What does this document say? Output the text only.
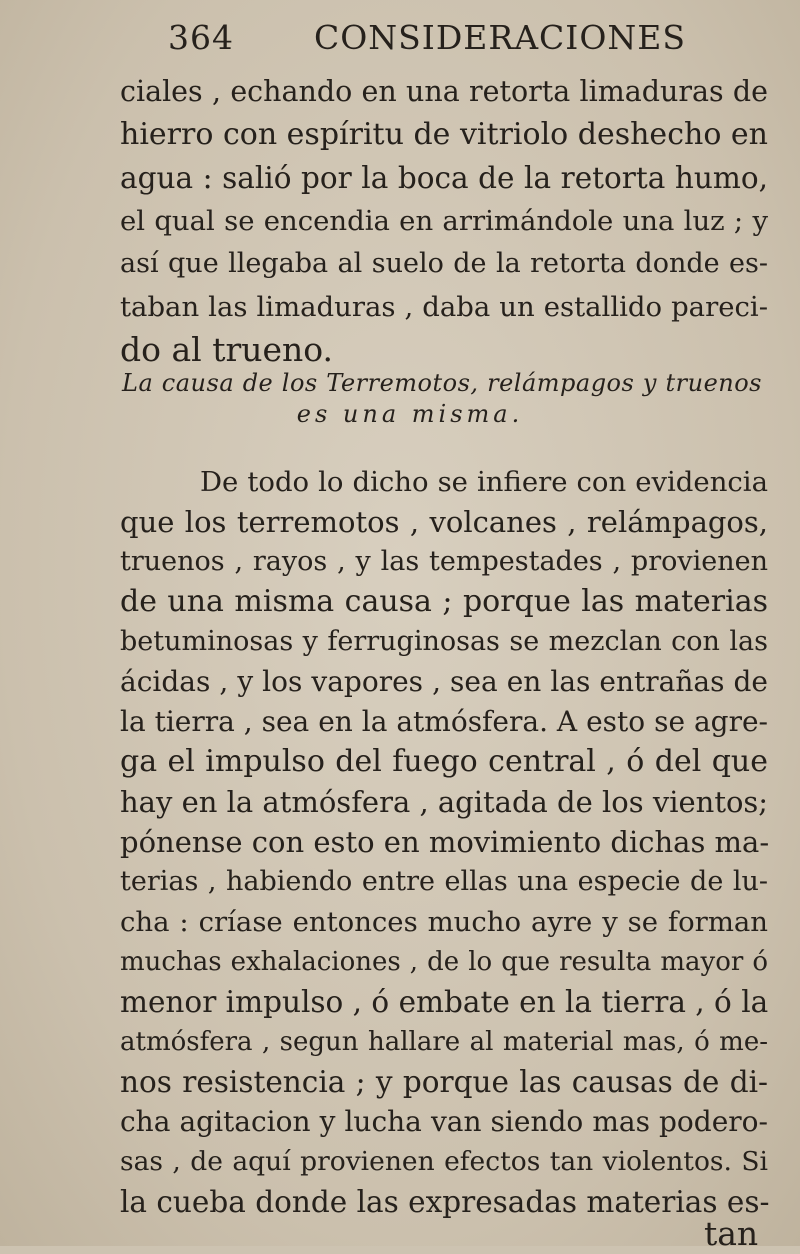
364 CONSIDERACIONES
ciales , echando en una retorta limaduras de
hierro con espíritu de vitriolo deshecho en
agua : salió por la boca de la retorta humo,
el qual se encendia en arrimándole una luz ; y
así que llegaba al suelo de la retorta donde es-
taban las limaduras , daba un estallido pareci-
do al trueno.
La causa de los Terremotos, relámpagos y truenos
es una misma.
De todo lo dicho se infiere con evidencia
que los terremotos , volcanes , relámpagos,
truenos , rayos , y las tempestades , provienen
de una misma causa ; porque las materias
betuminosas y ferruginosas se mezclan con las
ácidas , y los vapores , sea en las entrañas de
la tierra , sea en la atmósfera. A esto se agre-
ga el impulso del fuego central , ó del que
hay en la atmósfera , agitada de los vientos;
pónense con esto en movimiento dichas ma-
terias , habiendo entre ellas una especie de lu-
cha : críase entonces mucho ayre y se forman
muchas exhalaciones , de lo que resulta mayor ó
menor impulso , ó embate en la tierra , ó la
atmósfera , segun hallare al material mas, ó me-
nos resistencia ; y porque las causas de di-
cha agitacion y lucha van siendo mas podero-
sas , de aquí provienen efectos tan violentos. Si
la cueba donde las expresadas materias es-
tan
